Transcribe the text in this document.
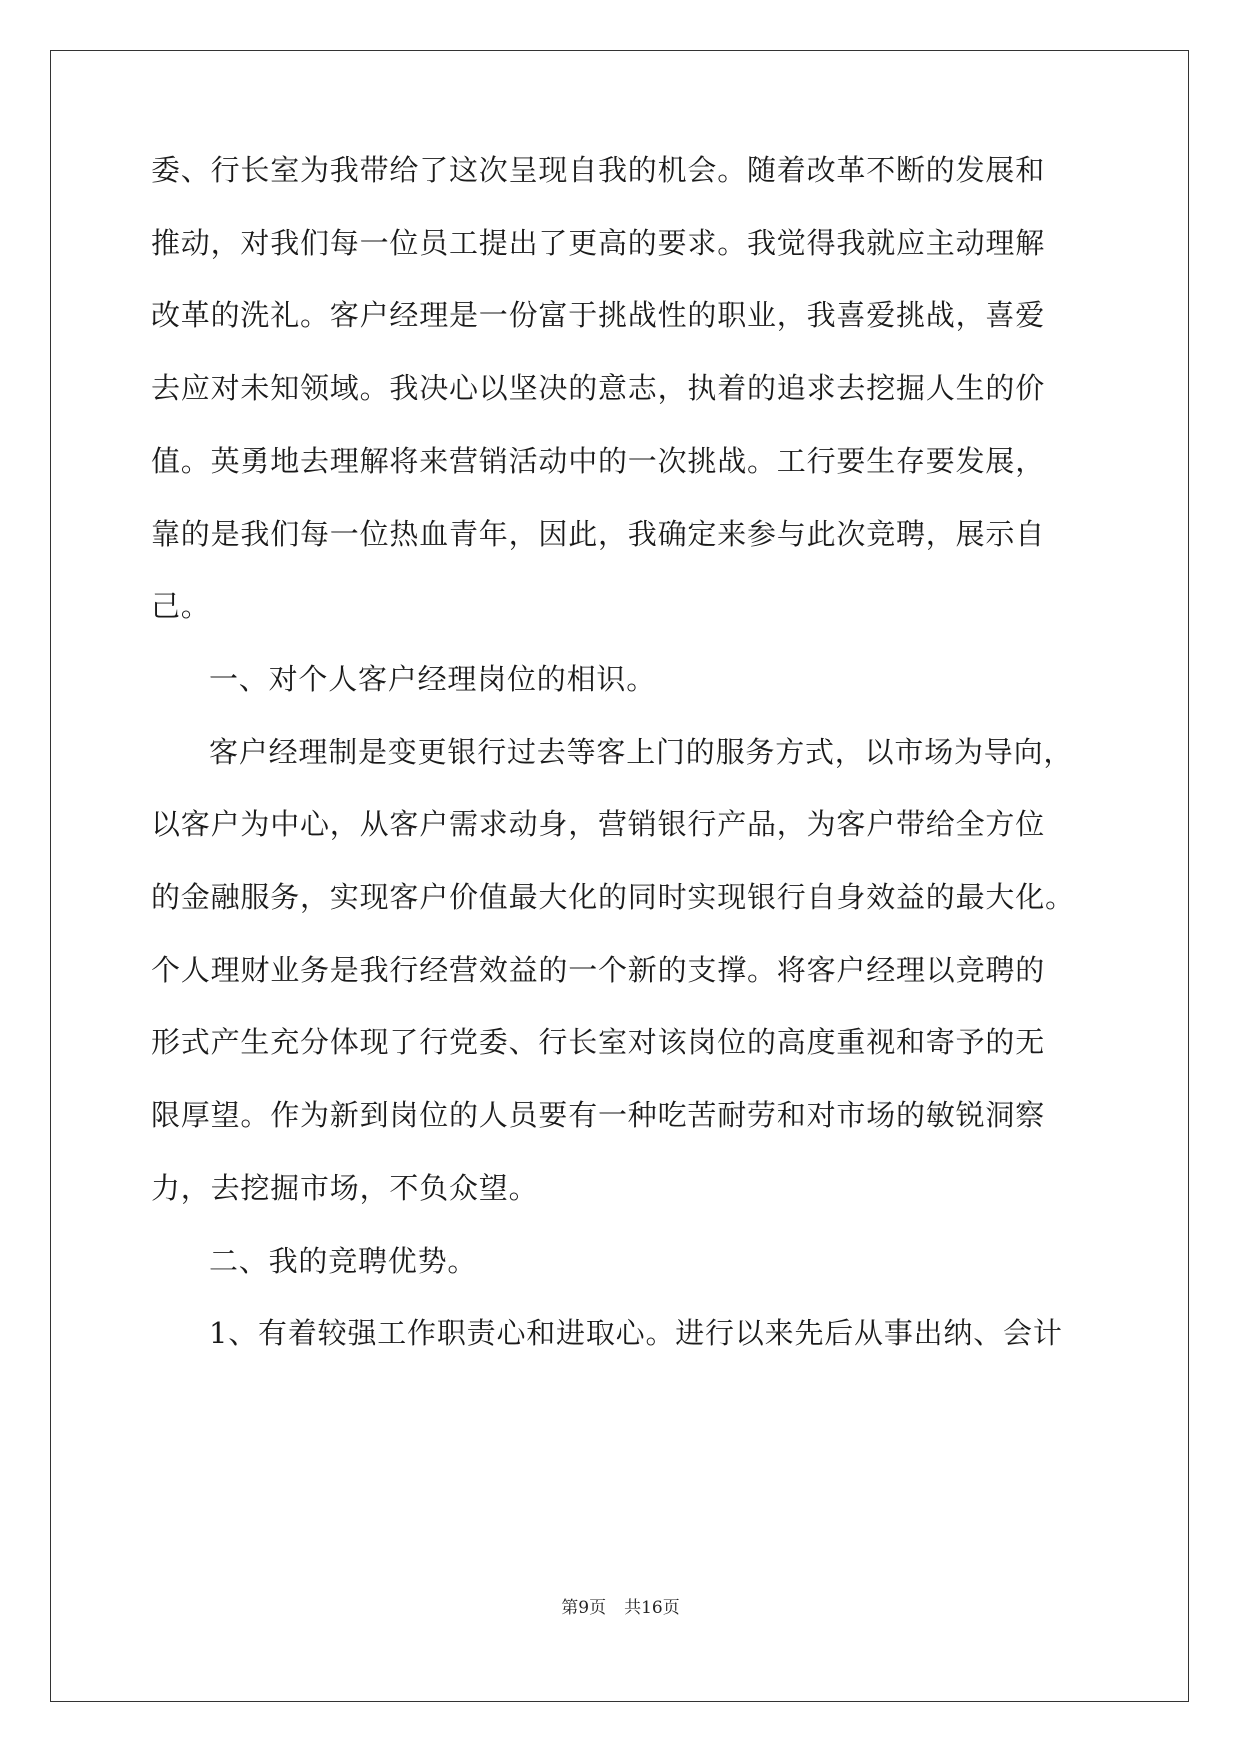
委、行长室为我带给了这次呈现自我的机会。随着改革不断的发展和
推动，对我们每一位员工提出了更高的要求。我觉得我就应主动理解
改革的洗礼。客户经理是一份富于挑战性的职业，我喜爱挑战，喜爱
去应对未知领域。我决心以坚决的意志，执着的追求去挖掘人生的价
值。英勇地去理解将来营销活动中的一次挑战。工行要生存要发展，
靠的是我们每一位热血青年，因此，我确定来参与此次竞聘，展示自
己。
一、对个人客户经理岗位的相识。
客户经理制是变更银行过去等客上门的服务方式，以市场为导向，
以客户为中心，从客户需求动身，营销银行产品，为客户带给全方位
的金融服务，实现客户价值最大化的同时实现银行自身效益的最大化。
个人理财业务是我行经营效益的一个新的支撑。将客户经理以竞聘的
形式产生充分体现了行党委、行长室对该岗位的高度重视和寄予的无
限厚望。作为新到岗位的人员要有一种吃苦耐劳和对市场的敏锐洞察
力，去挖掘市场，不负众望。
二、我的竞聘优势。
1、有着较强工作职责心和进取心。进行以来先后从事出纳、会计
第9页 共16页
